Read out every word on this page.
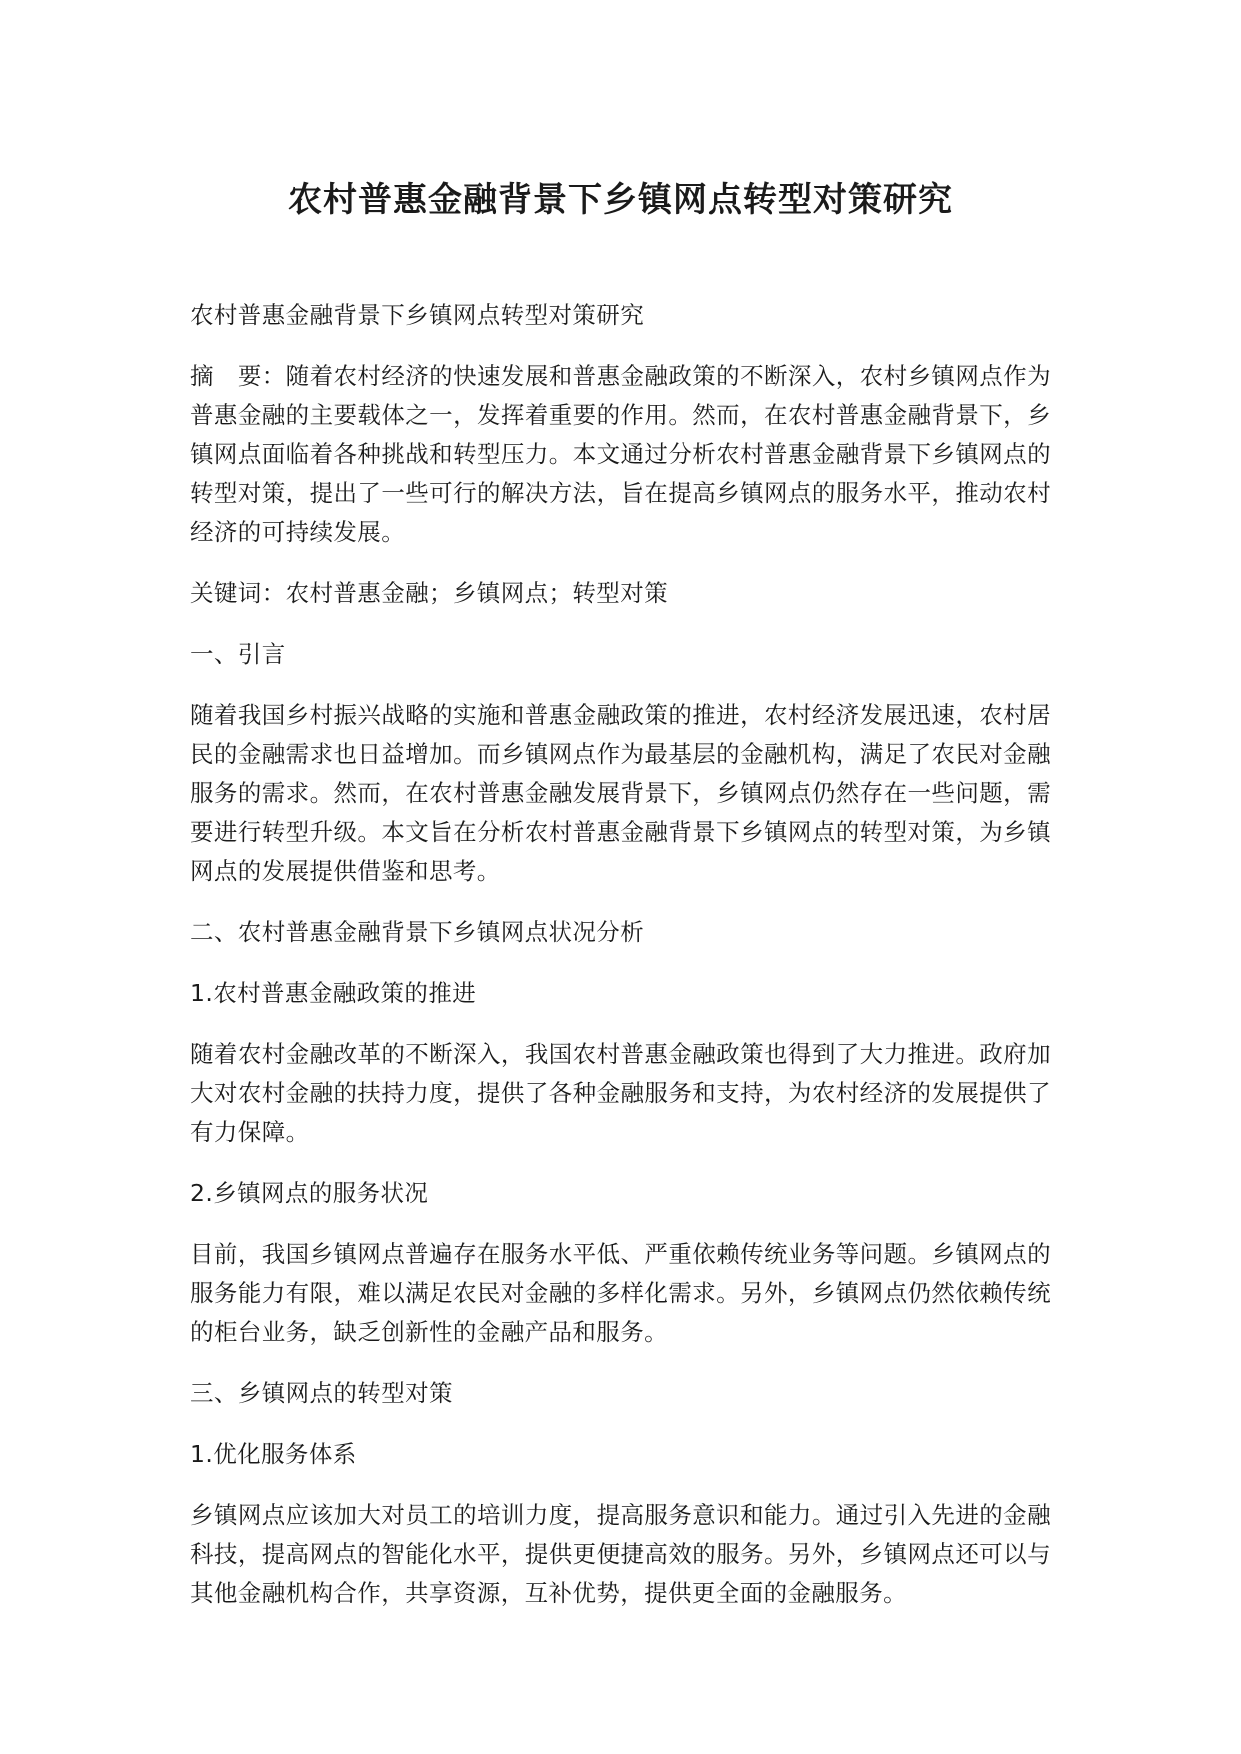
农村普惠金融背景下乡镇网点转型对策研究

农村普惠金融背景下乡镇网点转型对策研究

摘　要：随着农村经济的快速发展和普惠金融政策的不断深入，农村乡镇网点作为普惠金融的主要载体之一，发挥着重要的作用。然而，在农村普惠金融背景下，乡镇网点面临着各种挑战和转型压力。本文通过分析农村普惠金融背景下乡镇网点的转型对策，提出了一些可行的解决方法，旨在提高乡镇网点的服务水平，推动农村经济的可持续发展。

关键词：农村普惠金融；乡镇网点；转型对策

一、引言

随着我国乡村振兴战略的实施和普惠金融政策的推进，农村经济发展迅速，农村居民的金融需求也日益增加。而乡镇网点作为最基层的金融机构，满足了农民对金融服务的需求。然而，在农村普惠金融发展背景下，乡镇网点仍然存在一些问题，需要进行转型升级。本文旨在分析农村普惠金融背景下乡镇网点的转型对策，为乡镇网点的发展提供借鉴和思考。

二、农村普惠金融背景下乡镇网点状况分析

1.农村普惠金融政策的推进

随着农村金融改革的不断深入，我国农村普惠金融政策也得到了大力推进。政府加大对农村金融的扶持力度，提供了各种金融服务和支持，为农村经济的发展提供了有力保障。

2.乡镇网点的服务状况

目前，我国乡镇网点普遍存在服务水平低、严重依赖传统业务等问题。乡镇网点的服务能力有限，难以满足农民对金融的多样化需求。另外，乡镇网点仍然依赖传统的柜台业务，缺乏创新性的金融产品和服务。

三、乡镇网点的转型对策

1.优化服务体系

乡镇网点应该加大对员工的培训力度，提高服务意识和能力。通过引入先进的金融科技，提高网点的智能化水平，提供更便捷高效的服务。另外，乡镇网点还可以与其他金融机构合作，共享资源，互补优势，提供更全面的金融服务。
